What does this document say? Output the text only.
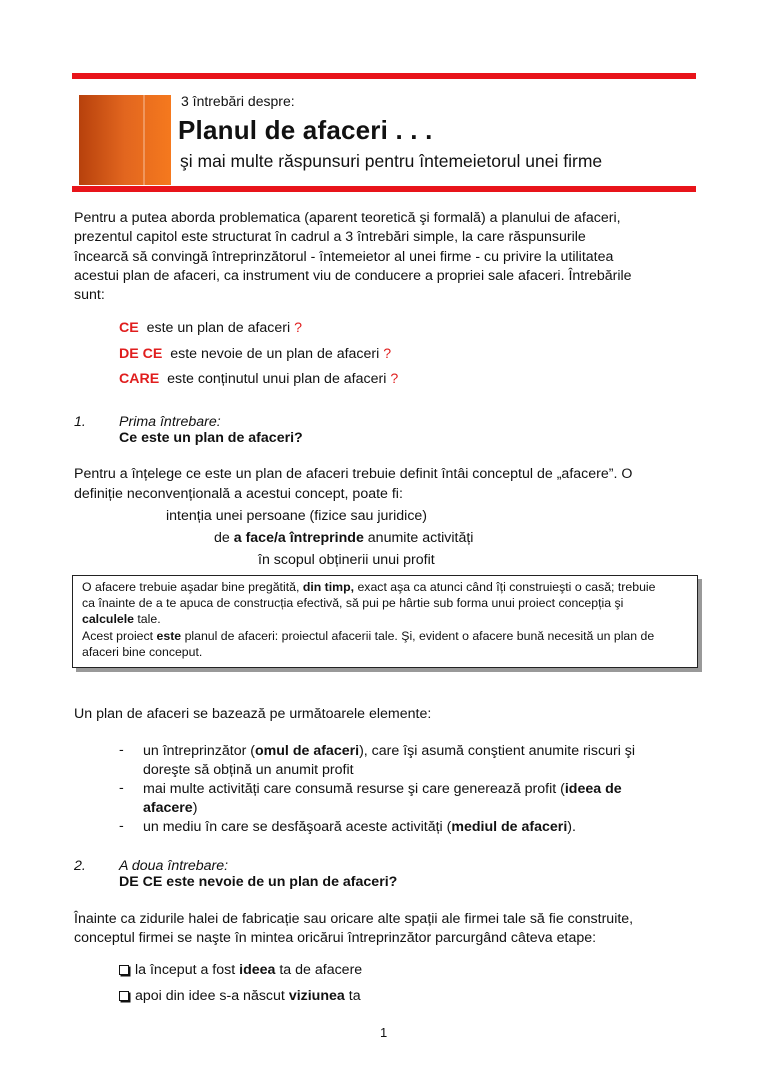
3 întrebări despre:
Planul de afaceri . . .
şi mai multe răspunsuri pentru întemeietorul unei firme
Pentru a putea aborda problematica (aparent teoretică şi formală) a planului de afaceri,
prezentul capitol este structurat în cadrul a 3 întrebări simple, la care răspunsurile
încearcă să convingă întreprinzătorul - întemeietor al unei firme - cu privire la utilitatea
acestui plan de afaceri, ca instrument viu de conducere a propriei sale afaceri. Întrebările
sunt:
CE este un plan de afaceri ?
DE CE este nevoie de un plan de afaceri ?
CARE este conținutul unui plan de afaceri ?
1. Prima întrebare:
Ce este un plan de afaceri?
Pentru a înțelege ce este un plan de afaceri trebuie definit întâi conceptul de „afacere”. O
definiție neconvențională a acestui concept, poate fi:
intenția unei persoane (fizice sau juridice)
de a face/a întreprinde anumite activități
în scopul obținerii unui profit
O afacere trebuie aşadar bine pregătită, din timp, exact aşa ca atunci când îți construieşti o casă; trebuie
ca înainte de a te apuca de construcția efectivă, să pui pe hârtie sub forma unui proiect concepția şi
calculele tale.
Acest proiect este planul de afaceri: proiectul afacerii tale. Şi, evident o afacere bună necesită un plan de
afaceri bine conceput.
Un plan de afaceri se bazează pe următoarele elemente:
- un întreprinzător (omul de afaceri), care îşi asumă conştient anumite riscuri şi
doreşte să obțină un anumit profit
- mai multe activități care consumă resurse şi care generează profit (ideea de
afacere)
- un mediu în care se desfăşoară aceste activități (mediul de afaceri).
2. A doua întrebare:
DE CE este nevoie de un plan de afaceri?
Înainte ca zidurile halei de fabricație sau oricare alte spații ale firmei tale să fie construite,
conceptul firmei se naşte în mintea oricărui întreprinzător parcurgând câteva etape:
la început a fost ideea ta de afacere
apoi din idee s-a născut viziunea ta
1
